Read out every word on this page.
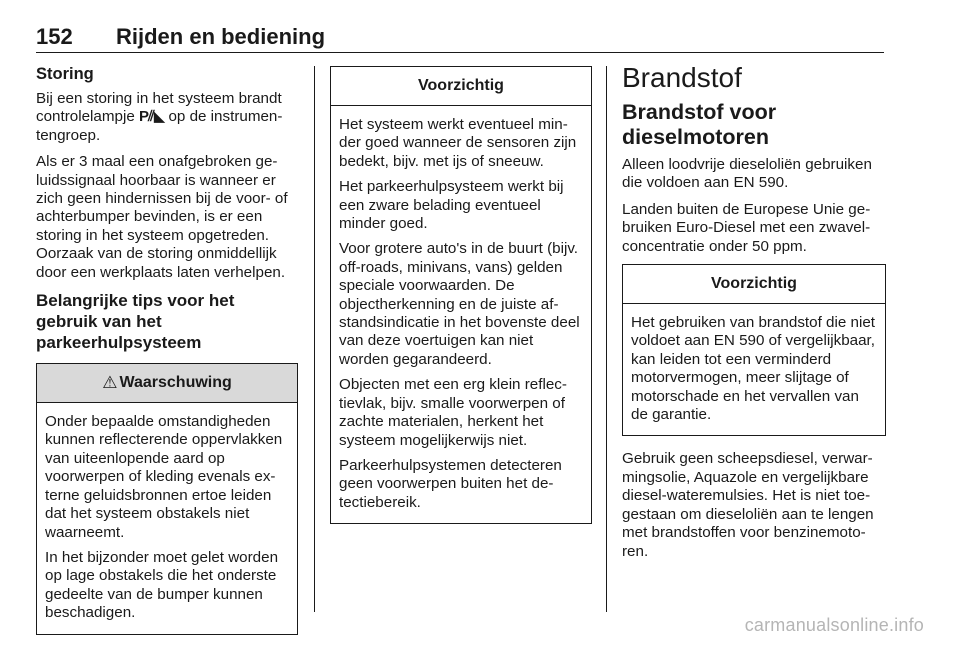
152 Rijden en bediening
Storing

Bij een storing in het systeem brandt controlelampje P⫽◣ op de instrumentengroep.

Als er 3 maal een onafgebroken geluidssignaal hoorbaar is wanneer er zich geen hindernissen bij de voor- of achterbumper bevinden, is er een storing in het systeem opgetreden. Oorzaak van de storing onmiddellijk door een werkplaats laten verhelpen.

Belangrijke tips voor het gebruik van het parkeerhulpsysteem
⚠ Waarschuwing

Onder bepaalde omstandigheden kunnen reflecterende oppervlakken van uiteenlopende aard op voorwerpen of kleding evenals externe geluidsbronnen ertoe leiden dat het systeem obstakels niet waarneemt.

In het bijzonder moet gelet worden op lage obstakels die het onderste gedeelte van de bumper kunnen beschadigen.

Voorzichtig

Het systeem werkt eventueel minder goed wanneer de sensoren zijn bedekt, bijv. met ijs of sneeuw.

Het parkeerhulpsysteem werkt bij een zware belading eventueel minder goed.

Voor grotere auto's in de buurt (bijv. off-roads, minivans, vans) gelden speciale voorwaarden. De objectherkenning en de juiste afstandsindicatie in het bovenste deel van deze voertuigen kan niet worden gegarandeerd.

Objecten met een erg klein reflectievlak, bijv. smalle voorwerpen of zachte materialen, herkent het systeem mogelijkerwijs niet.

Parkeerhulpsystemen detecteren geen voorwerpen buiten het detectiebereik.

Brandstof
Brandstof voor dieselmotoren

Alleen loodvrije dieseloliën gebruiken die voldoen aan EN 590.

Landen buiten de Europese Unie gebruiken Euro-Diesel met een zwavelconcentratie onder 50 ppm.

Voorzichtig

Het gebruiken van brandstof die niet voldoet aan EN 590 of vergelijkbaar, kan leiden tot een verminderd motorvermogen, meer slijtage of motorschade en het vervallen van de garantie.

Gebruik geen scheepsdiesel, verwarmingsolie, Aquazole en vergelijkbare diesel-wateremulsies. Het is niet toegestaan om dieseloliën aan te lengen met brandstoffen voor benzinemotoren.

carmanualsonline.info
